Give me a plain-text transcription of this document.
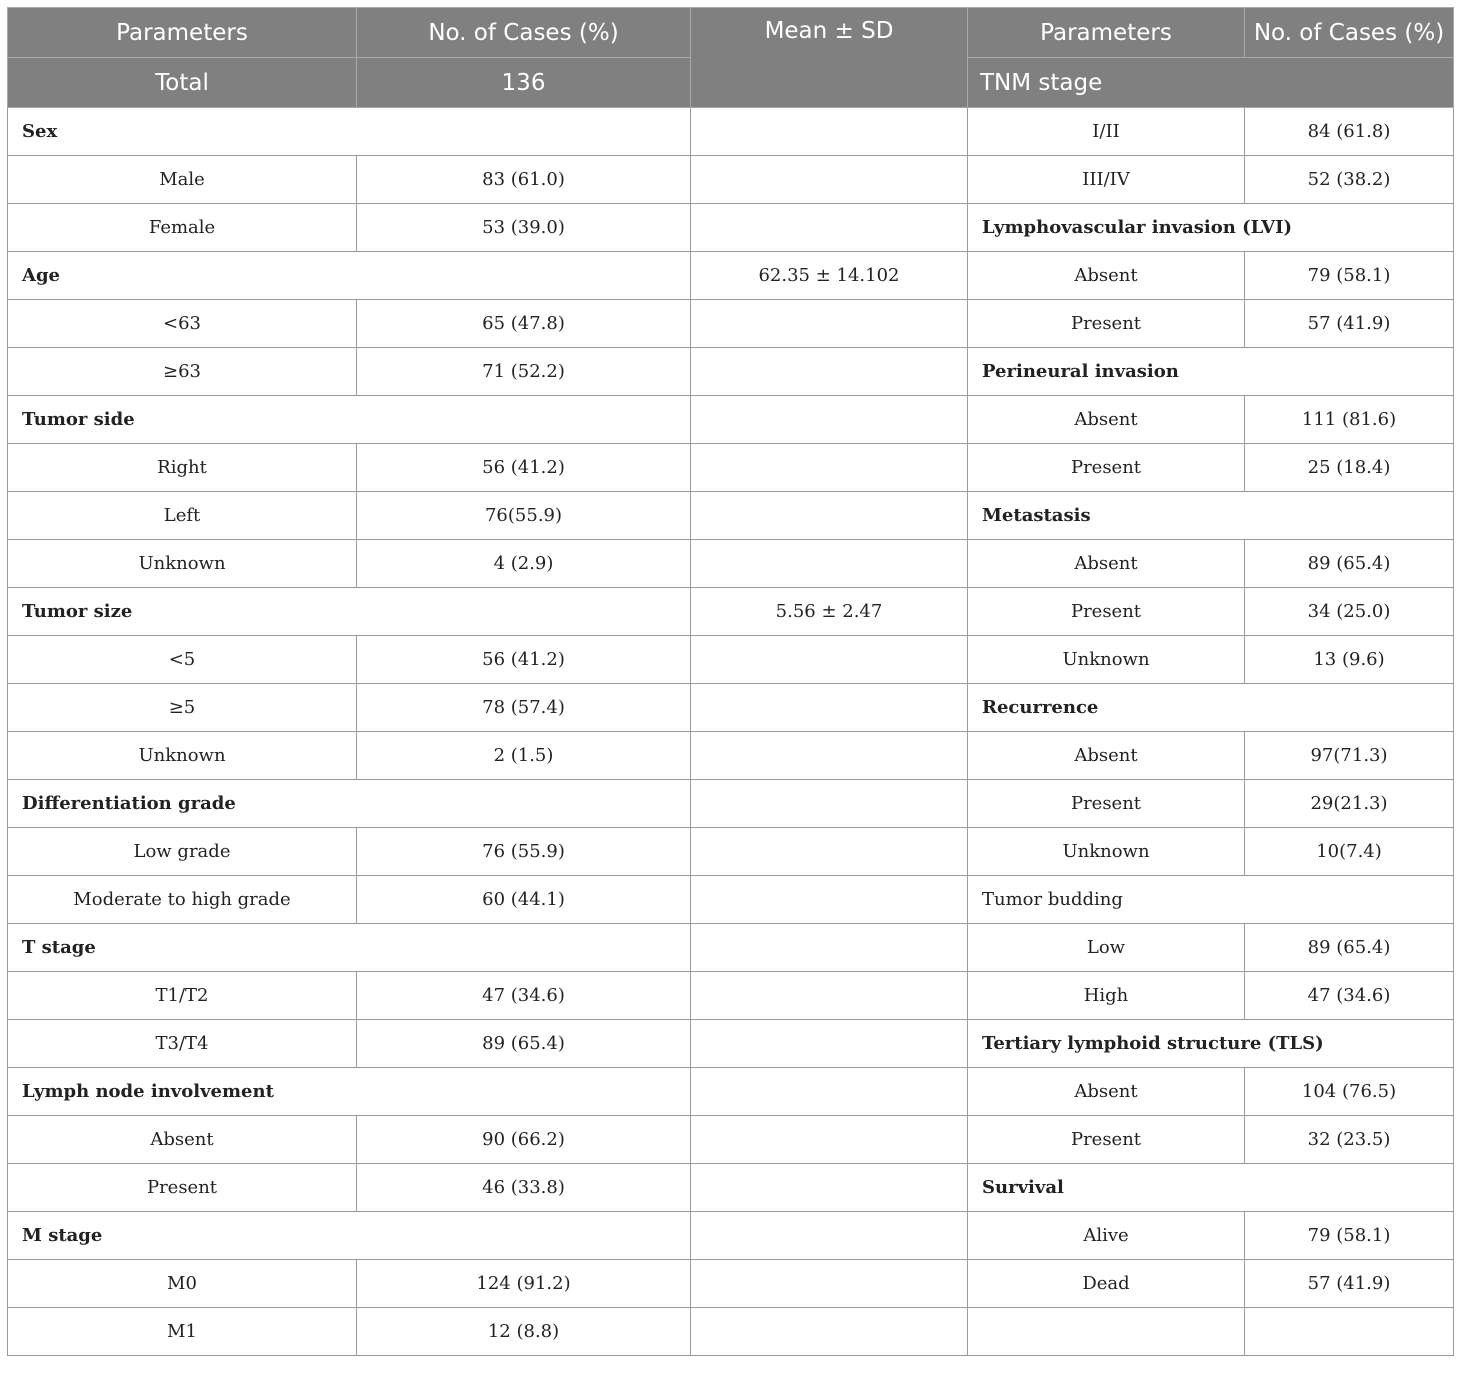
Parameters	No. of Cases (%)	Mean ± SD	Parameters	No. of Cases (%)
Total	136		TNM stage	
Sex			I/II	84 (61.8)
Male	83 (61.0)		III/IV	52 (38.2)
Female	53 (39.0)		Lymphovascular invasion (LVI)	
Age		62.35 ± 14.102	Absent	79 (58.1)
<63	65 (47.8)		Present	57 (41.9)
≥63	71 (52.2)		Perineural invasion	
Tumor side			Absent	111 (81.6)
Right	56 (41.2)		Present	25 (18.4)
Left	76(55.9)		Metastasis	
Unknown	4 (2.9)		Absent	89 (65.4)
Tumor size		5.56 ± 2.47	Present	34 (25.0)
<5	56 (41.2)		Unknown	13 (9.6)
≥5	78 (57.4)		Recurrence	
Unknown	2 (1.5)		Absent	97(71.3)
Differentiation grade			Present	29(21.3)
Low grade	76 (55.9)		Unknown	10(7.4)
Moderate to high grade	60 (44.1)		Tumor budding	
T stage			Low	89 (65.4)
T1/T2	47 (34.6)		High	47 (34.6)
T3/T4	89 (65.4)		Tertiary lymphoid structure (TLS)	
Lymph node involvement			Absent	104 (76.5)
Absent	90 (66.2)		Present	32 (23.5)
Present	46 (33.8)		Survival	
M stage			Alive	79 (58.1)
M0	124 (91.2)		Dead	57 (41.9)
M1	12 (8.8)			
